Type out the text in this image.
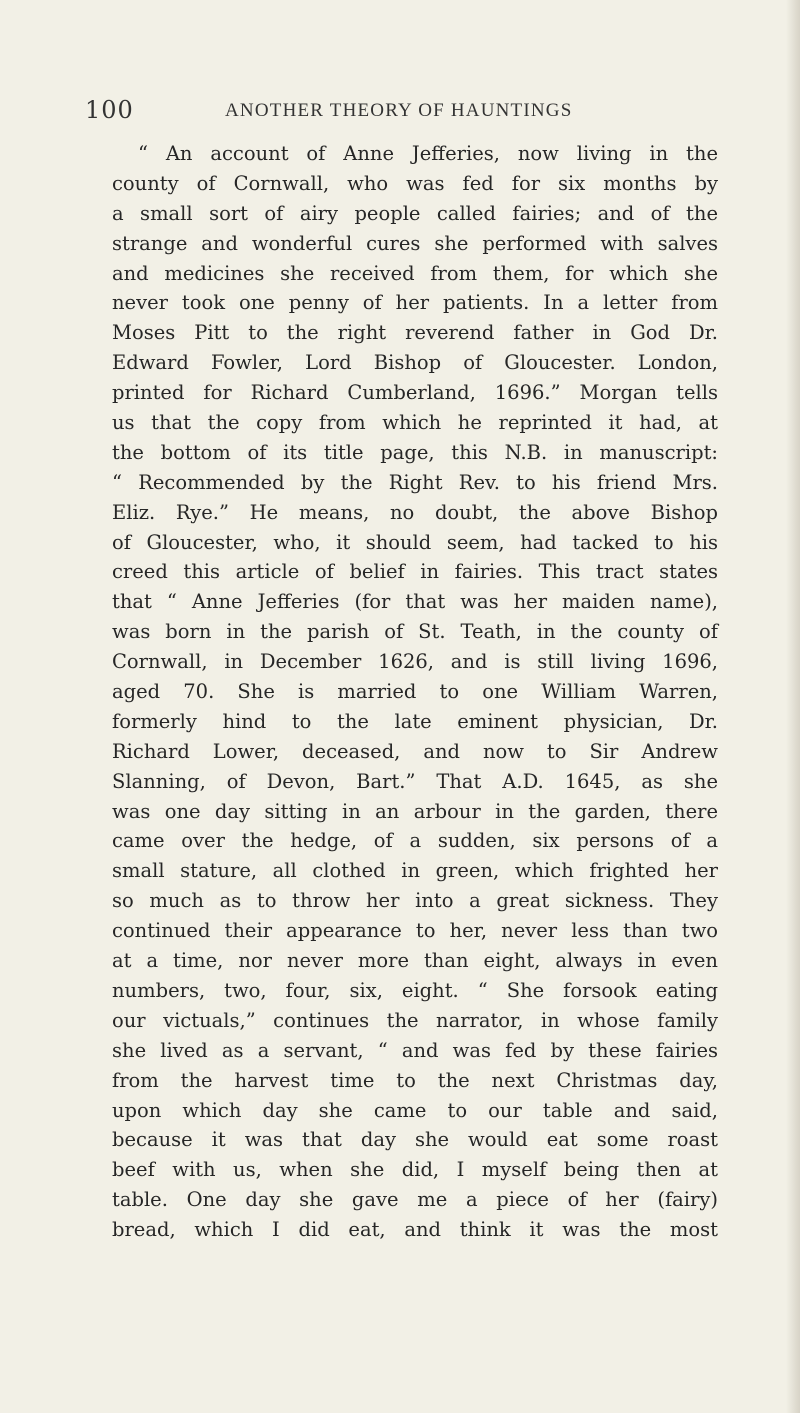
100	ANOTHER THEORY OF HAUNTINGS
“ An account of Anne Jefferies, now living in the
county of Cornwall, who was fed for six months by
a small sort of airy people called fairies; and of the
strange and wonderful cures she performed with salves
and medicines she received from them, for which she
never took one penny of her patients. In a letter from
Moses Pitt to the right reverend father in God Dr.
Edward Fowler, Lord Bishop of Gloucester. London,
printed for Richard Cumberland, 1696.” Morgan tells
us that the copy from which he reprinted it had, at
the bottom of its title page, this N.B. in manuscript:
“ Recommended by the Right Rev. to his friend Mrs.
Eliz. Rye.” He means, no doubt, the above Bishop
of Gloucester, who, it should seem, had tacked to his
creed this article of belief in fairies. This tract states
that “ Anne Jefferies (for that was her maiden name),
was born in the parish of St. Teath, in the county of
Cornwall, in December 1626, and is still living 1696,
aged 70. She is married to one William Warren,
formerly hind to the late eminent physician, Dr.
Richard Lower, deceased, and now to Sir Andrew
Slanning, of Devon, Bart.” That A.D. 1645, as she
was one day sitting in an arbour in the garden, there
came over the hedge, of a sudden, six persons of a
small stature, all clothed in green, which frighted her
so much as to throw her into a great sickness. They
continued their appearance to her, never less than two
at a time, nor never more than eight, always in even
numbers, two, four, six, eight. “ She forsook eating
our victuals,” continues the narrator, in whose family
she lived as a servant, “ and was fed by these fairies
from the harvest time to the next Christmas day,
upon which day she came to our table and said,
because it was that day she would eat some roast
beef with us, when she did, I myself being then at
table. One day she gave me a piece of her (fairy)
bread, which I did eat, and think it was the most
